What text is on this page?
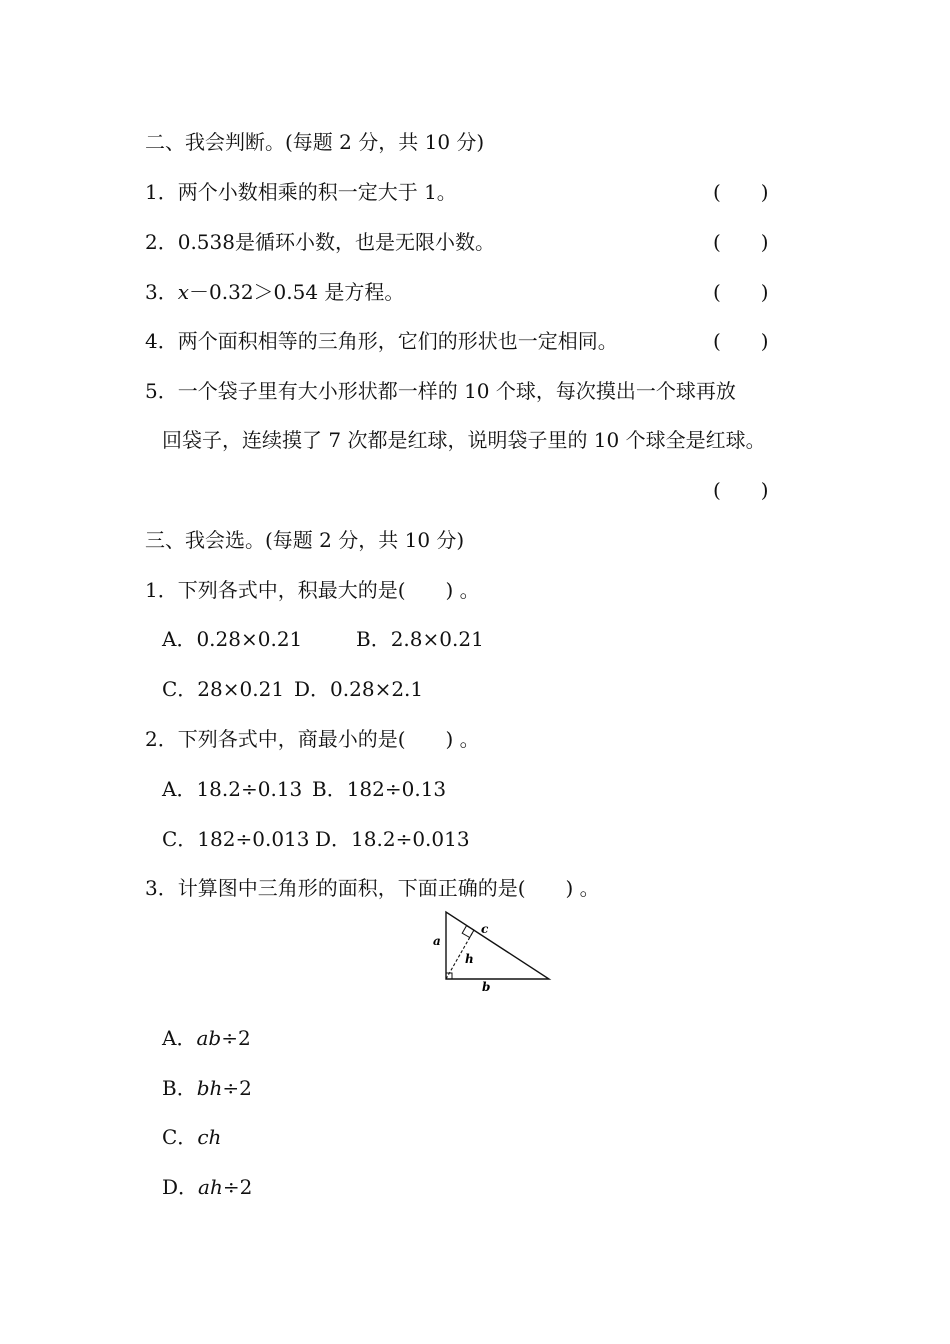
二、我会判断。(每题 2 分，共 10 分)
1．两个小数相乘的积一定大于 1。	(　　)
2．0.538是循环小数，也是无限小数。	(　　)
3．x－0.32＞0.54 是方程。	(　　)
4．两个面积相等的三角形，它们的形状也一定相同。	(　　)
5．一个袋子里有大小形状都一样的 10 个球，每次摸出一个球再放
回袋子，连续摸了 7 次都是红球，说明袋子里的 10 个球全是红球。
(　　)
三、我会选。(每题 2 分，共 10 分)
1．下列各式中，积最大的是(　　) 。
A．0.28×0.21	B．2.8×0.21
C．28×0.21 D．0.28×2.1
2．下列各式中，商最小的是(　　) 。
A．18.2÷0.13 B．182÷0.13
C．182÷0.013 D．18.2÷0.013
3．计算图中三角形的面积，下面正确的是(　　) 。
a
c
h
b
A．ab÷2
B．bh÷2
C．ch
D．ah÷2
